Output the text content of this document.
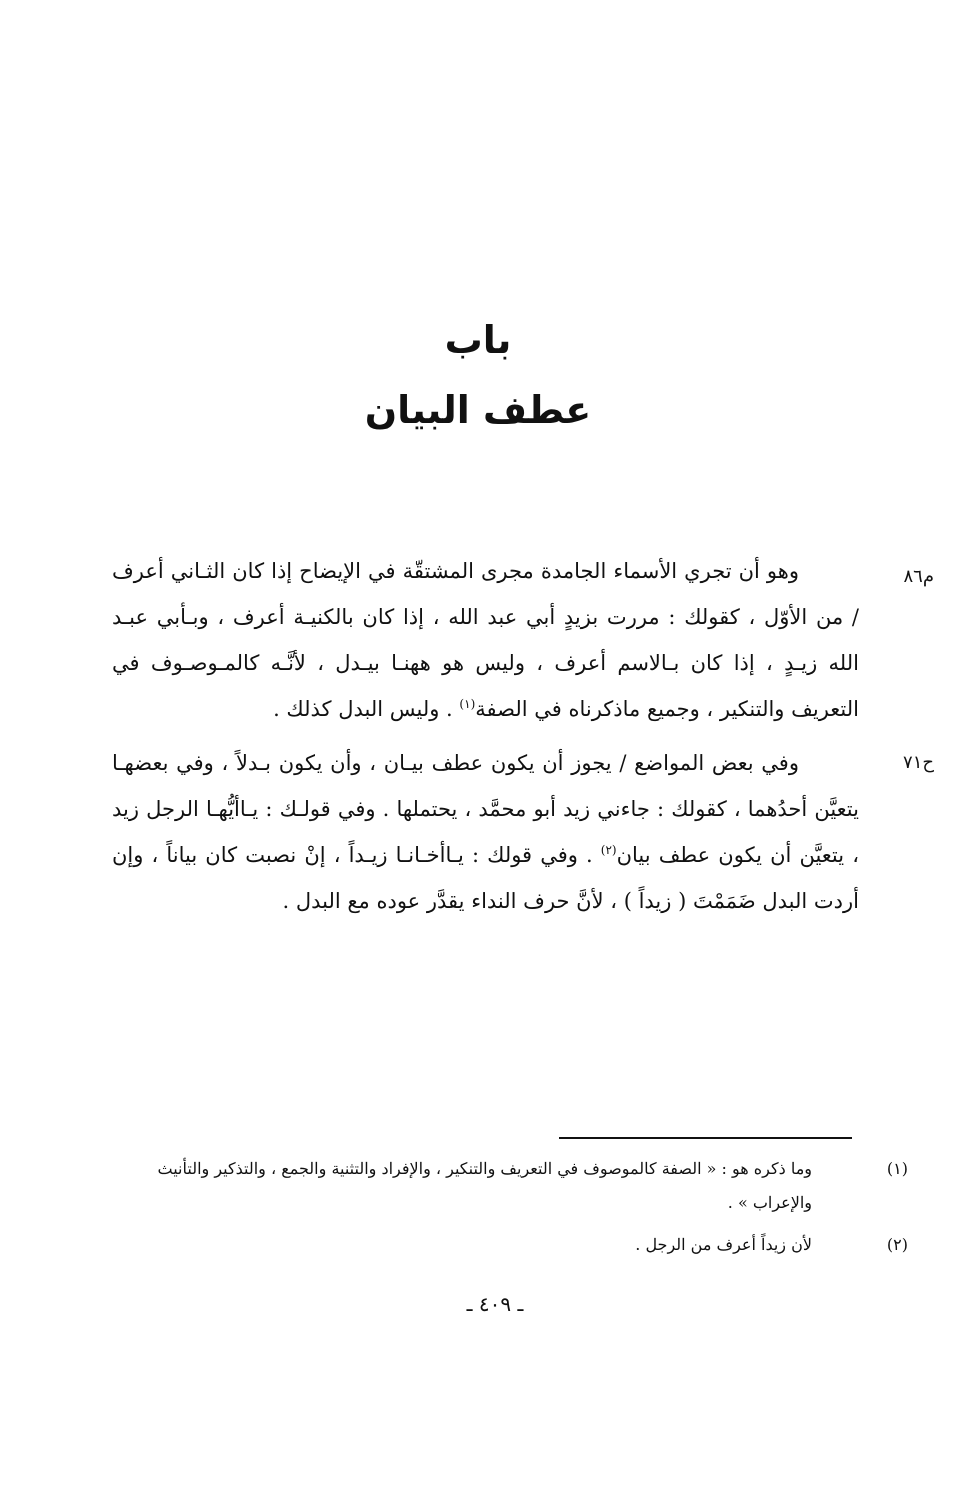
باب
عطف البيان
م٨٦
وهو أن تجري الأسماء الجامدة مجرى المشتقّة في الإيضاح إذا كان الثـاني أعرف / من الأوّل ، كقولك : مررت بزيدٍ أبي عبد الله ، إذا كان بالكنيـة أعرف ، وبـأبي عبـد الله زيـدٍ ، إذا كان بـالاسم أعرف ، وليس هو ههنـا بيـدل ، لأنَّـه كالمـوصـوف في التعريف والتنكير ، وجميع ماذكرناه في الصفة$^{(١)}$ . وليس البدل كذلك .
ح٧١
وفي بعض المواضع / يجوز أن يكون عطف بيـان ، وأن يكون بـدلاً ، وفي بعضهـا يتعيَّن أحدُهما ، كقولك : جاءني زيد أبو محمَّد ، يحتملها . وفي قولـك : يـاأيُّهـا الرجل زيد ، يتعيَّن أن يكون عطف بيان$^{(٢)}$ . وفي قولك : يـاأخـانـا زيـداً ، إنْ نصبت كان بياناً ، وإن أردت البدل ضَمَمْتَ ( زيداً ) ، لأنَّ حرف النداء يقدَّر عوده مع البدل .
(١)وما ذكره هو : « الصفة كالموصوف في التعريف والتنكير ، والإفراد والتثنية والجمع ، والتذكير والتأنيث والإعراب » .
(٢)لأن زيداً أعرف من الرجل .
ـ ٤٠٩ ـ
